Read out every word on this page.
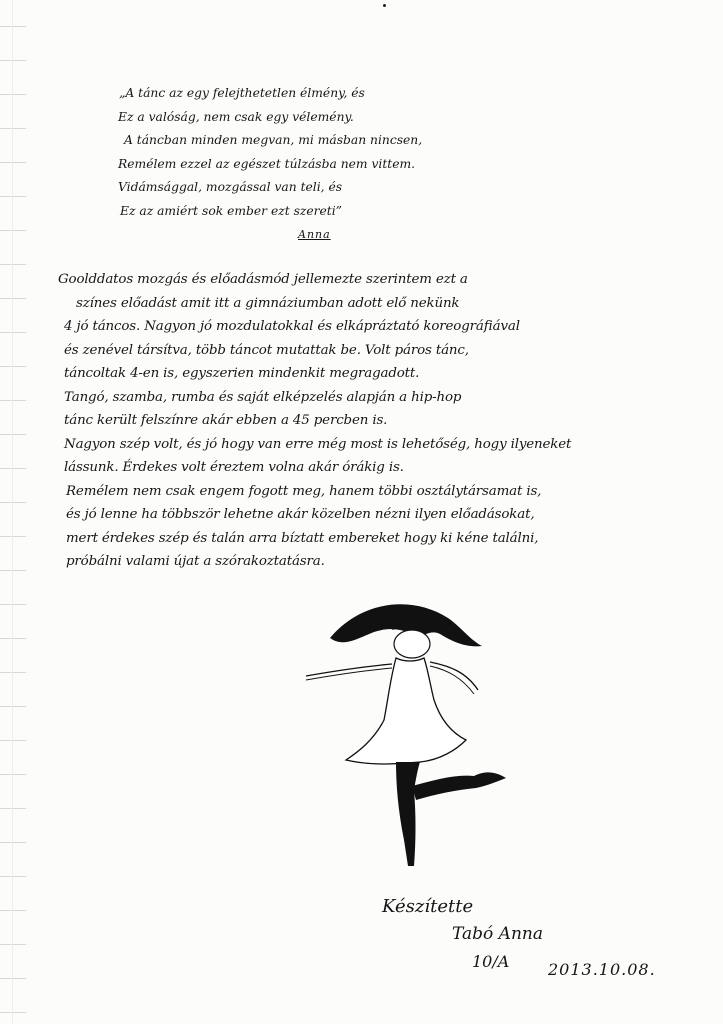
„A tánc az egy felejthetetlen élmény, és
Ez a valóság, nem csak egy vélemény.
A táncban minden megvan, mi másban nincsen,
Remélem ezzel az egészet túlzásba nem vittem.
Vidámsággal, mozgással van teli, és
Ez az amiért sok ember ezt szereti”
Anna
Goolddatos mozgás és előadásmód jellemezte szerintem ezt a
színes előadást amit itt a gimnáziumban adott elő nekünk
4 jó táncos. Nagyon jó mozdulatokkal és elkápráztató koreográfiával
és zenével társítva, több táncot mutattak be. Volt páros tánc,
táncoltak 4-en is, egyszerien mindenkit megragadott.
Tangó, szamba, rumba és saját elképzelés alapján a hip-hop
tánc került felszínre akár ebben a 45 percben is.
Nagyon szép volt, és jó hogy van erre még most is lehetőség, hogy ilyeneket
lássunk. Érdekes volt éreztem volna akár órákig is.
Remélem nem csak engem fogott meg, hanem többi osztálytársamat is,
és jó lenne ha többször lehetne akár közelben nézni ilyen előadásokat,
mert érdekes szép és talán arra bíztatt embereket hogy ki kéne találni,
próbálni valami újat a szórakoztatásra.
Készítette
Tabó Anna
10/A 2013.10.08.
